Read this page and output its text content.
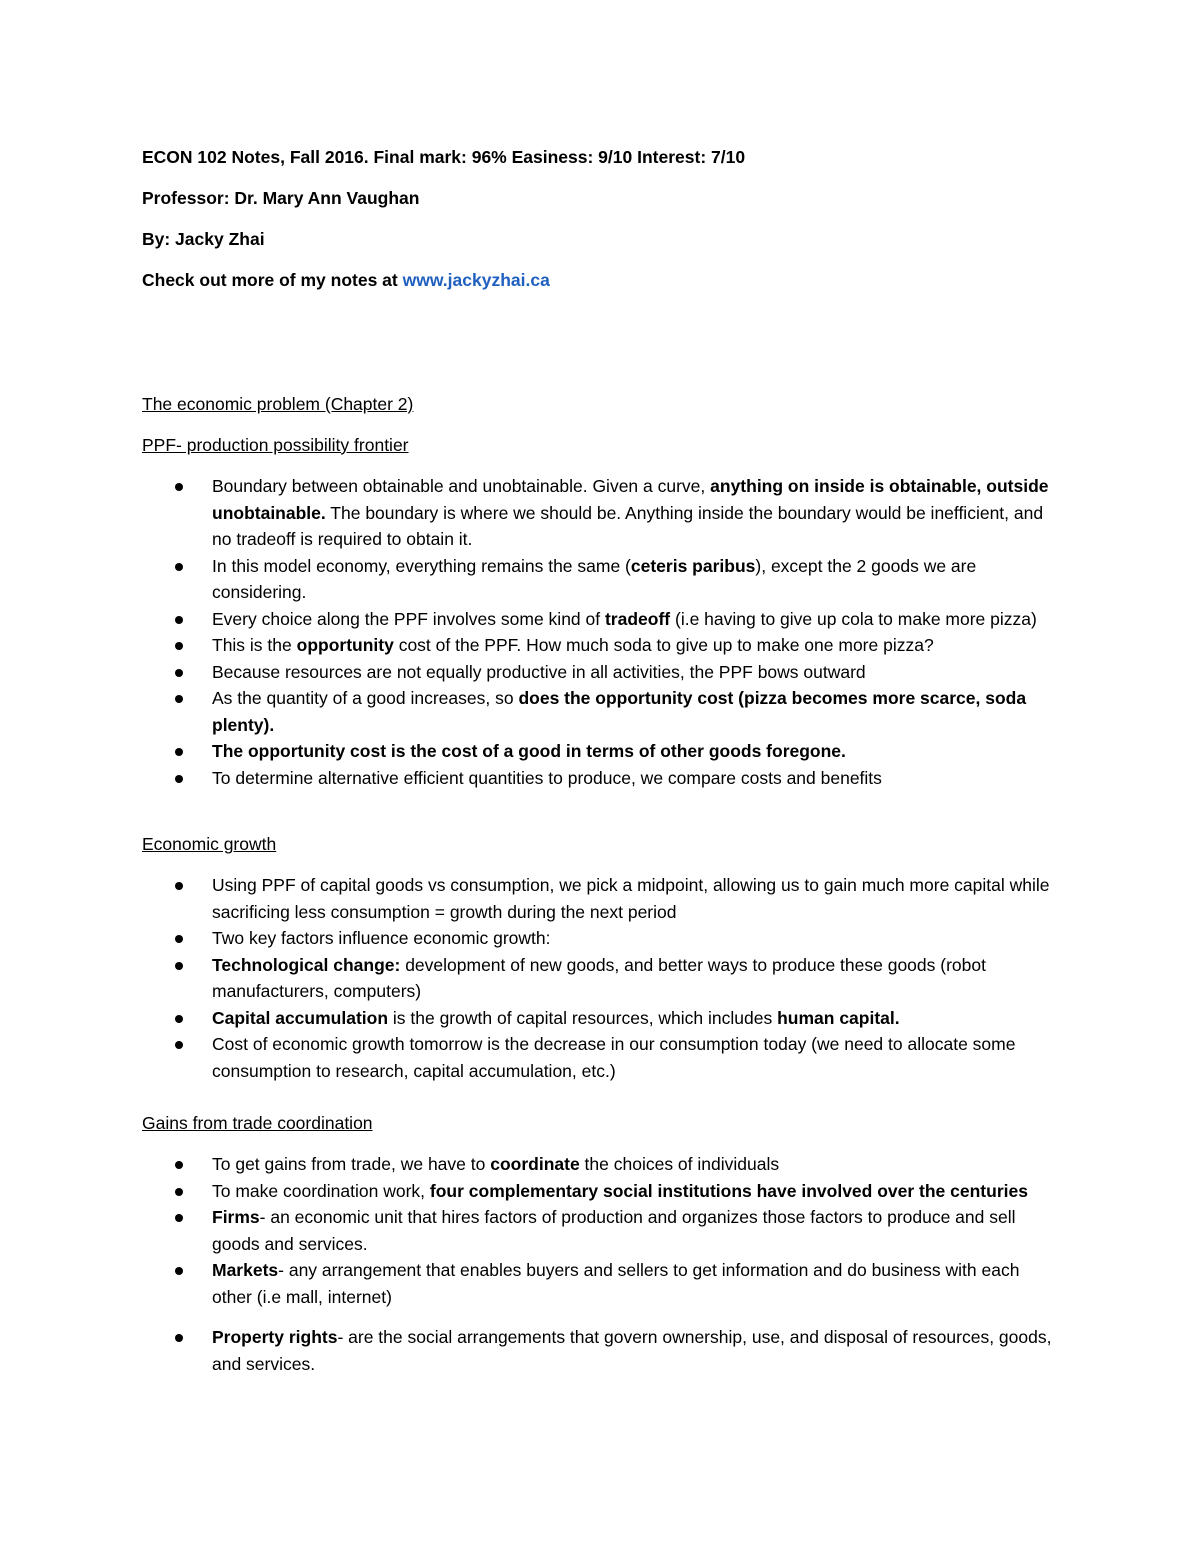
ECON 102 Notes, Fall 2016. Final mark: 96% Easiness: 9/10 Interest: 7/10
Professor: Dr. Mary Ann Vaughan
By: Jacky Zhai
Check out more of my notes at www.jackyzhai.ca
The economic problem (Chapter 2)
PPF- production possibility frontier
Boundary between obtainable and unobtainable. Given a curve, anything on inside is obtainable, outside unobtainable. The boundary is where we should be. Anything inside the boundary would be inefficient, and no tradeoff is required to obtain it.
In this model economy, everything remains the same (ceteris paribus), except the 2 goods we are considering.
Every choice along the PPF involves some kind of tradeoff (i.e having to give up cola to make more pizza)
This is the opportunity cost of the PPF. How much soda to give up to make one more pizza?
Because resources are not equally productive in all activities, the PPF bows outward
As the quantity of a good increases, so does the opportunity cost (pizza becomes more scarce, soda plenty).
The opportunity cost is the cost of a good in terms of other goods foregone.
To determine alternative efficient quantities to produce, we compare costs and benefits
Economic growth
Using PPF of capital goods vs consumption, we pick a midpoint, allowing us to gain much more capital while sacrificing less consumption = growth during the next period
Two key factors influence economic growth:
Technological change: development of new goods, and better ways to produce these goods (robot manufacturers, computers)
Capital accumulation is the growth of capital resources, which includes human capital.
Cost of economic growth tomorrow is the decrease in our consumption today (we need to allocate some consumption to research, capital accumulation, etc.)
Gains from trade coordination
To get gains from trade, we have to coordinate the choices of individuals
To make coordination work, four complementary social institutions have involved over the centuries
Firms- an economic unit that hires factors of production and organizes those factors to produce and sell goods and services.
Markets- any arrangement that enables buyers and sellers to get information and do business with each other (i.e mall, internet)
Property rights- are the social arrangements that govern ownership, use, and disposal of resources, goods, and services.
